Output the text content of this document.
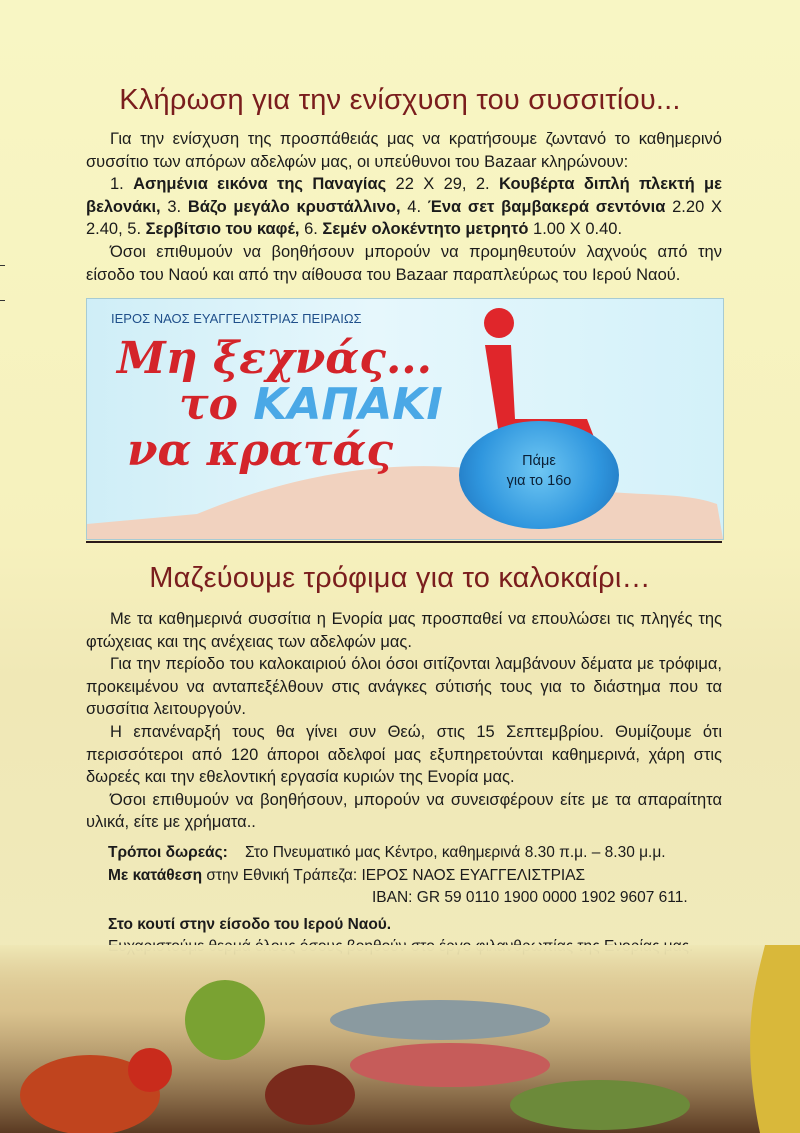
Κλήρωση για την ενίσχυση του συσσιτίου...

Για την ενίσχυση της προσπάθειάς μας να κρατήσουμε ζωντανό το καθημερινό συσσίτιο των απόρων αδελφών μας, οι υπεύθυνοι του Bazaar κληρώνουν:

1. Ασημένια εικόνα της Παναγίας 22 Χ 29, 2. Κουβέρτα διπλή πλεκτή με βελονάκι, 3. Βάζο μεγάλο κρυστάλλινο, 4. Ένα σετ βαμβακερά σεντόνια 2.20 Χ 2.40, 5. Σερβίτσιο του καφέ, 6. Σεμέν ολοκέντητο μετρητό 1.00 Χ 0.40.

Όσοι επιθυμούν να βοηθήσουν μπορούν να προμηθευτούν λαχνούς από την είσοδο του Ναού και από την αίθουσα του Bazaar παραπλεύρως του Ιερού Ναού.

ΙΕΡΟΣ ΝΑΟΣ ΕΥΑΓΓΕΛΙΣΤΡΙΑΣ ΠΕΙΡΑΙΩΣ
Πάμε
για το 16ο
Μη ξεχνάς...
το ΚΑΠΑΚΙ
να κρατάς
Μαζεύουμε τρόφιμα για το καλοκαίρι…

Με τα καθημερινά συσσίτια η Ενορία μας προσπαθεί να επουλώσει τις πληγές της φτώχειας και της ανέχειας των αδελφών μας.

Για την περίοδο του καλοκαιριού όλοι όσοι σιτίζονται λαμβάνουν δέματα με τρόφιμα, προκειμένου να ανταπεξέλθουν στις ανάγκες σύτισής τους για το διάστημα που τα συσσίτια λειτουργούν.

Η επανέναρξή τους θα γίνει συν Θεώ, στις 15 Σεπτεμβρίου. Θυμίζουμε ότι περισσότεροι από 120 άποροι αδελφοί μας εξυπηρετούνται καθημερινά, χάρη στις δωρεές και την εθελοντική εργασία κυριών της Ενορία μας.

Όσοι επιθυμούν να βοηθήσουν, μπορούν να συνεισφέρουν είτε με τα απαραίτητα υλικά, είτε με χρήματα..

Τρόποι δωρεάς:    Στο Πνευματικό μας Κέντρο, καθημερινά 8.30 π.μ. – 8.30 μ.μ.
Με κατάθεση στην Εθνική Τράπεζα: ΙΕΡΟΣ ΝΑΟΣ ΕΥΑΓΓΕΛΙΣΤΡΙΑΣ
IBAN: GR 59 0110 1900 0000 1902 9607 611.
Στο κουτί στην είσοδο του Ιερού Ναού.
